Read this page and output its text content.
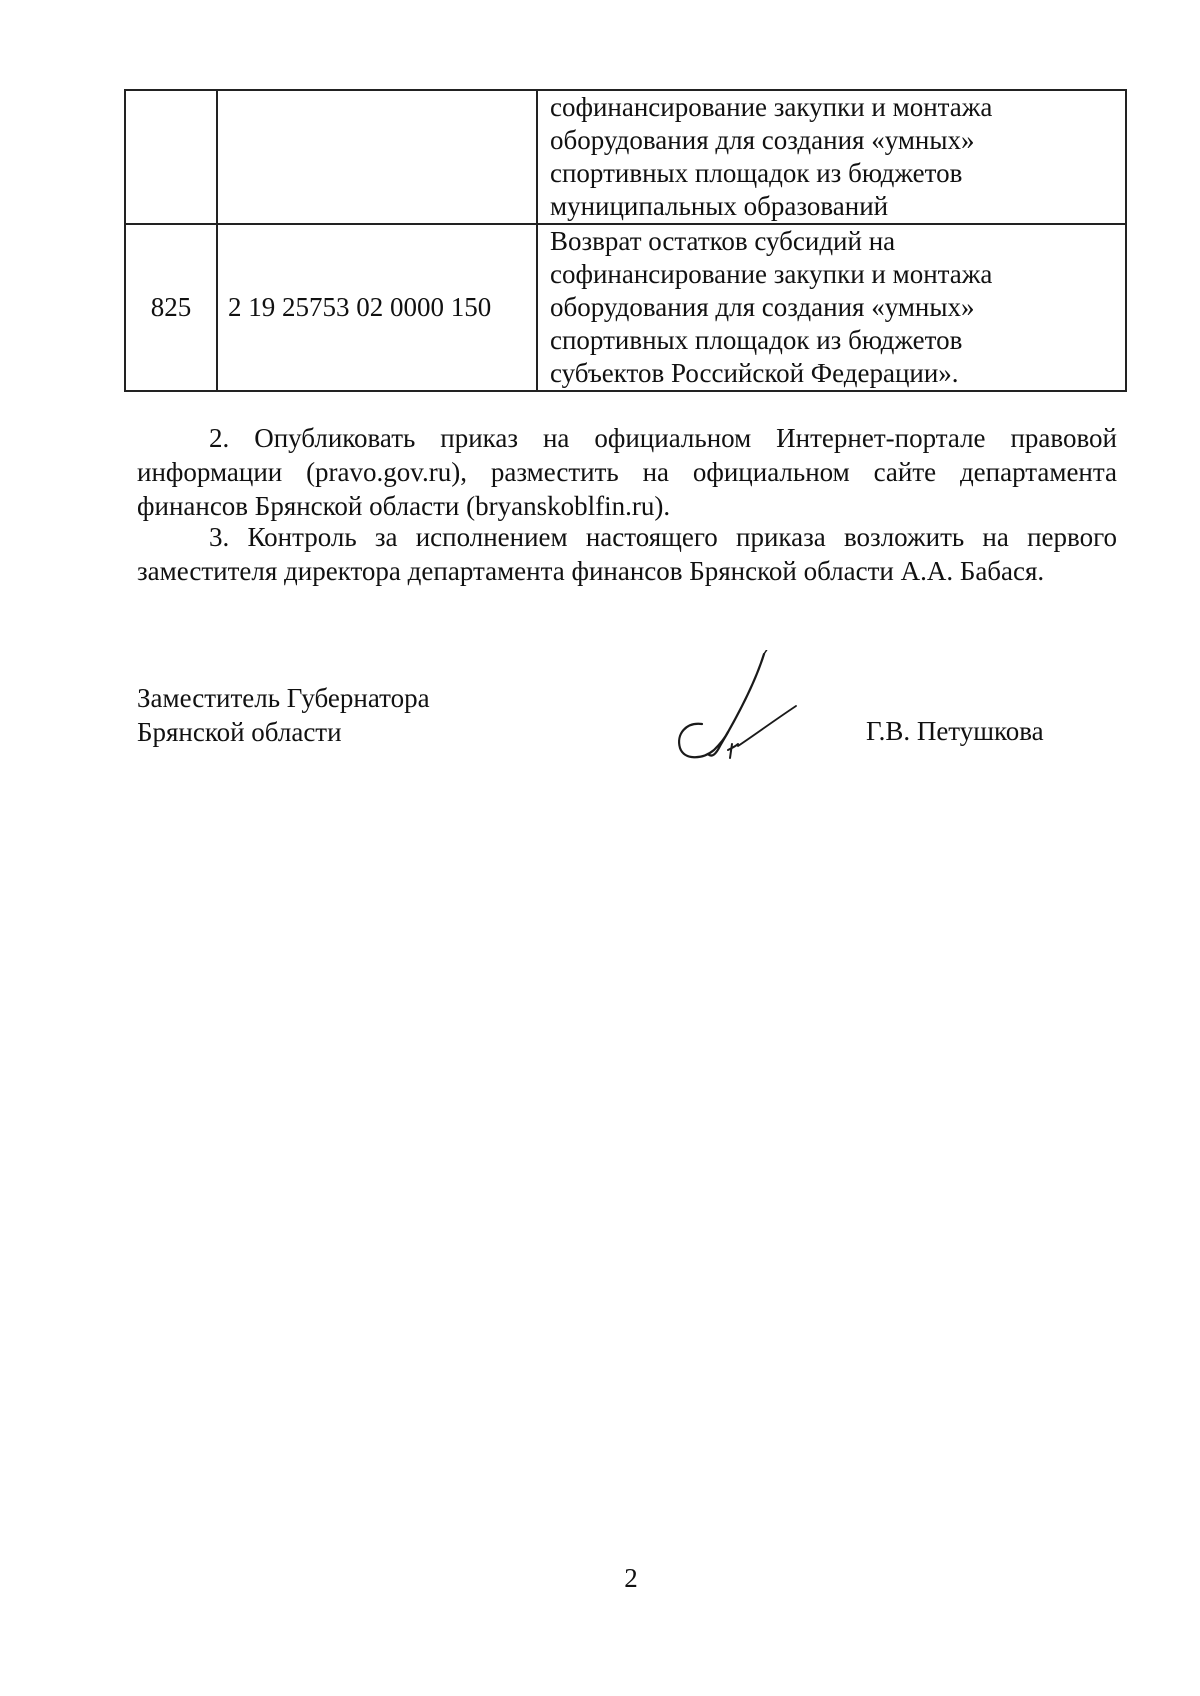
		софинансирование закупки и монтажа
оборудования для создания «умных»
спортивных площадок из бюджетов
муниципальных образований

825	2 19 25753 02 0000 150	Возврат остатков субсидий на
софинансирование закупки и монтажа
оборудования для создания «умных»
спортивных площадок из бюджетов
субъектов Российской Федерации».

2. Опубликовать приказ на официальном Интернет-портале правовой информации (pravo.gov.ru), разместить на официальном сайте департамента финансов Брянской области (bryanskoblfin.ru).

3. Контроль за исполнением настоящего приказа возложить на первого заместителя директора департамента финансов Брянской области А.А. Бабася.

Заместитель Губернатора
Брянской области	Г.В. Петушкова
2
